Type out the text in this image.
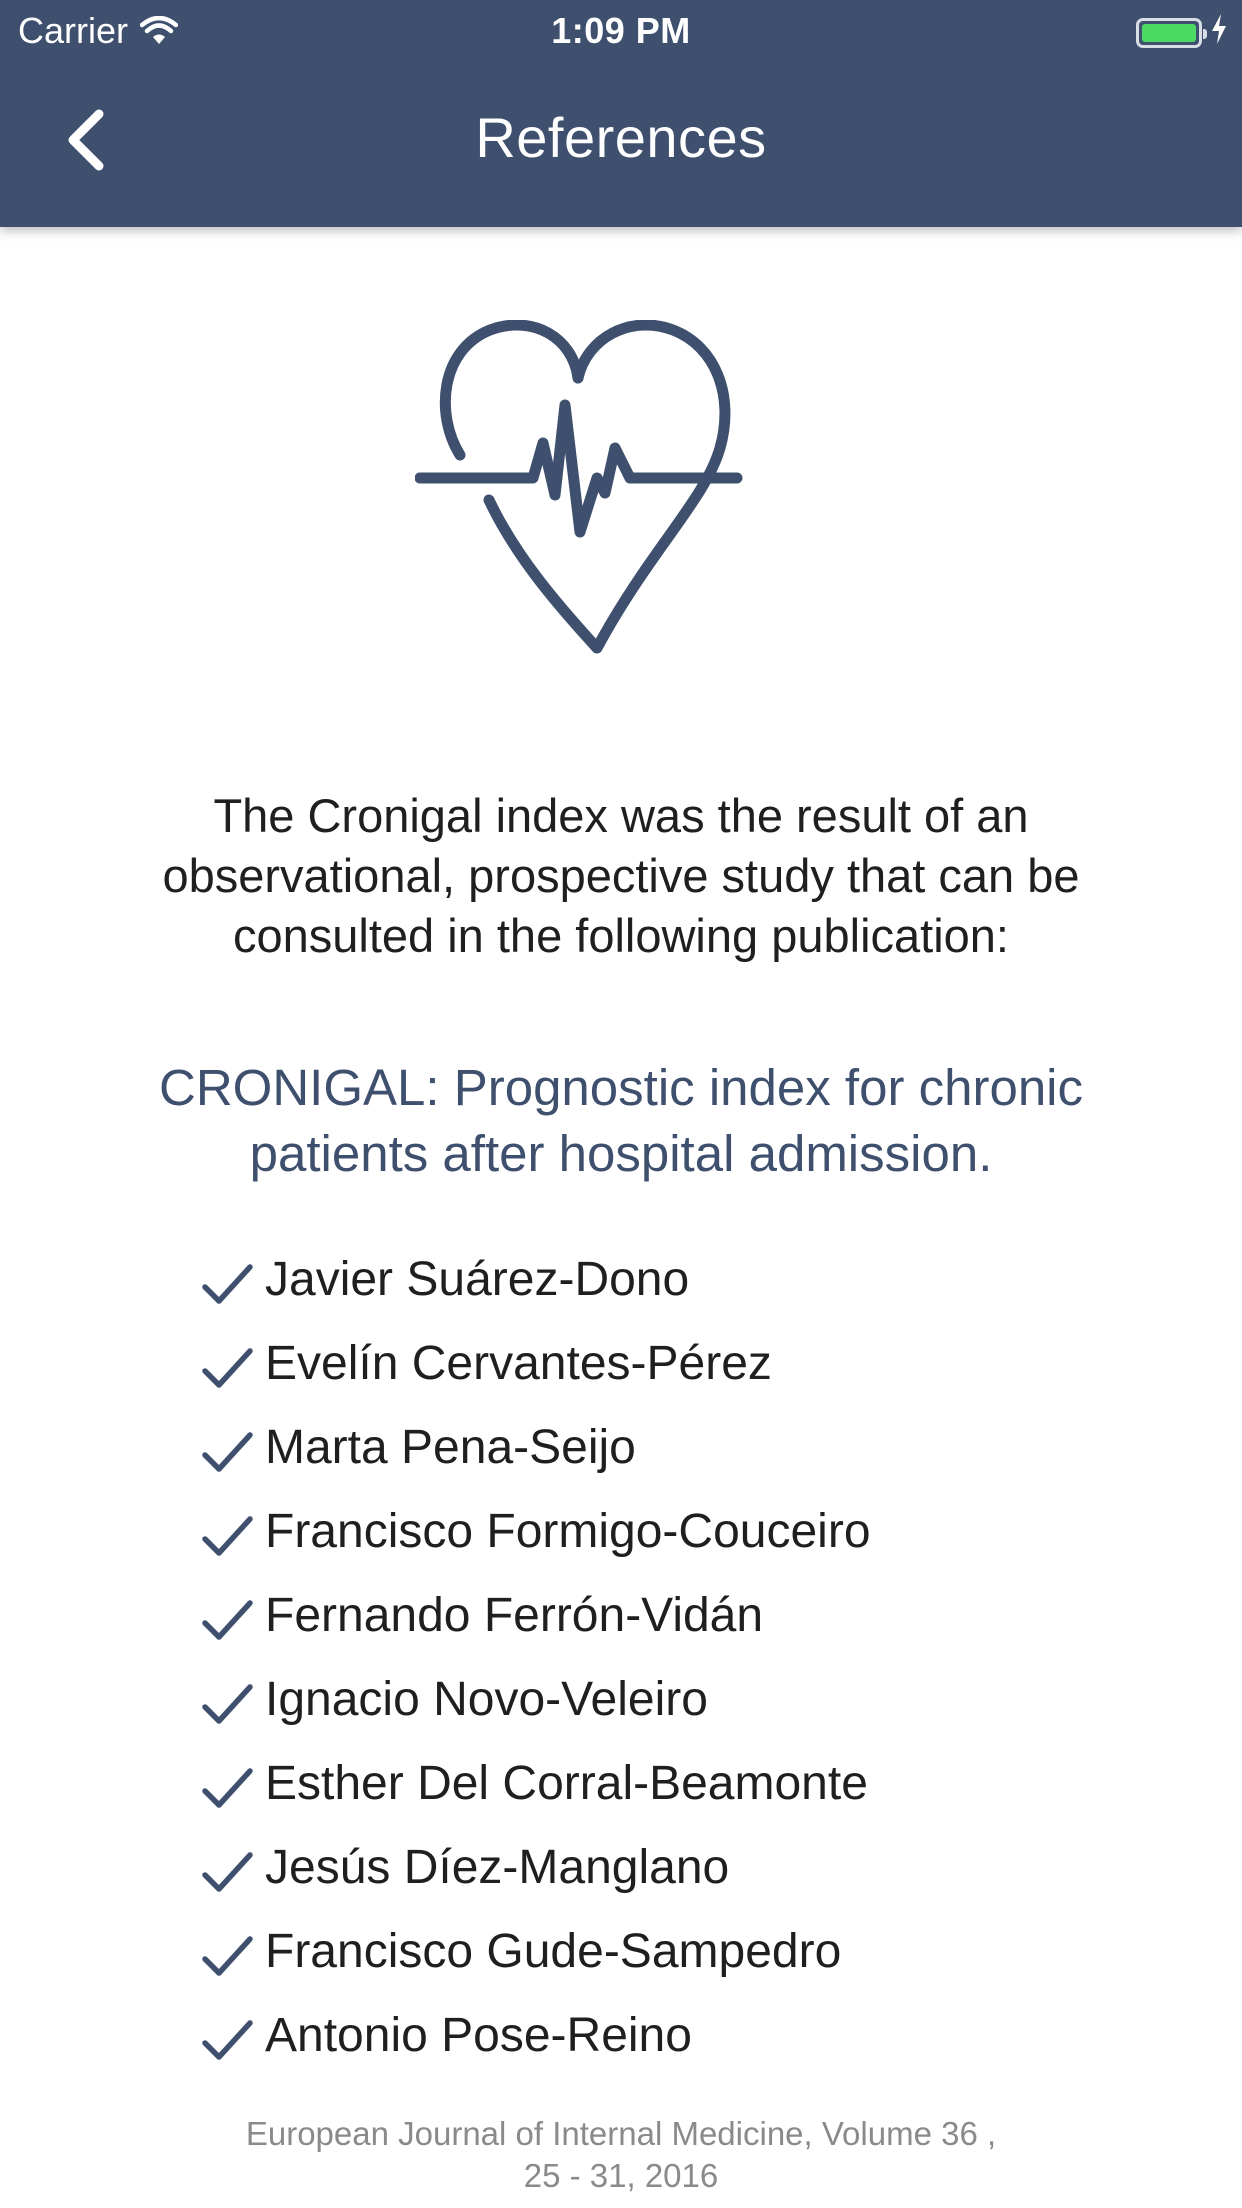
Carrier	1:09 PM
References
The Cronigal index was the result of an observational, prospective study that can be consulted in the following publication:
CRONIGAL: Prognostic index for chronic patients after hospital admission.
Javier Suárez-Dono
Evelín Cervantes-Pérez
Marta Pena-Seijo
Francisco Formigo-Couceiro
Fernando Ferrón-Vidán
Ignacio Novo-Veleiro
Esther Del Corral-Beamonte
Jesús Díez-Manglano
Francisco Gude-Sampedro
Antonio Pose-Reino
European Journal of Internal Medicine, Volume 36 ,
25 - 31, 2016
